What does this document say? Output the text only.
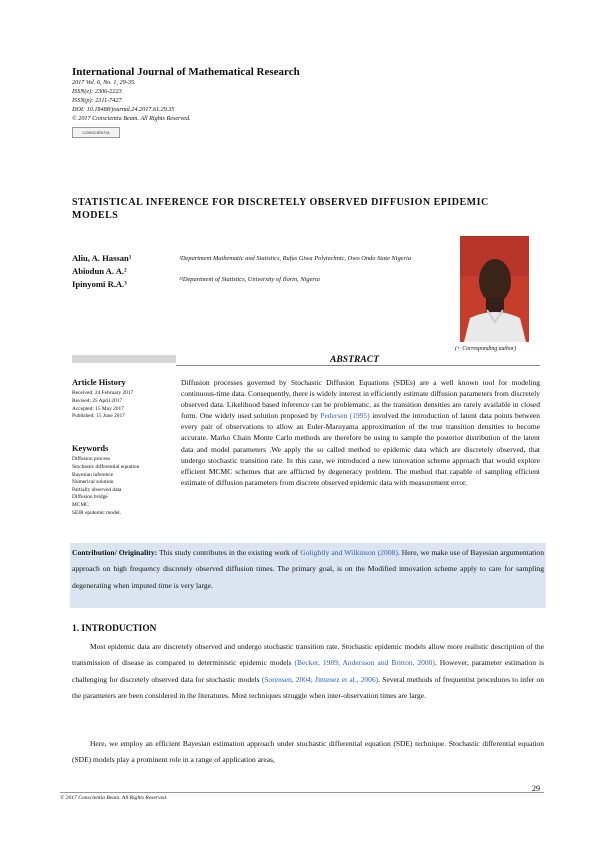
International Journal of Mathematical Research
2017 Vol. 6, No. 1, 29-35.
ISSN(e): 2306-2223
ISSN(p): 2311-7427
DOI: 10.18488/journal.24.2017.61.29.35
© 2017 Conscientia Beam. All Rights Reserved.
CONSCIENTIA
STATISTICAL INFERENCE FOR DISCRETELY OBSERVED DIFFUSION EPIDEMIC MODELS
Aliu, A. Hassan¹
Abiodun A. A.²
Ipinyomi R.A.³
¹Department Mathematic and Statistics, Rufus Giwa Polytechnic, Owo Ondo State Nigeria
²³Department of Statistics, University of Ilorin, Nigeria
(+ Corresponding author)
ABSTRACT
Article History
Received: 24 February 2017
Revised: 25 April 2017
Accepted: 15 May 2017
Published: 15 June 2017
Keywords
Diffusion process
Stochastic differential equation
Bayesian inference
Numerical solution
Partially observed data
Diffusion bridge
MCMC
SEIR epidemic model.
Diffusion processes governed by Stochastic Diffusion Equations (SDEs) are a well known tool for modeling continuous-time data. Consequently, there is widely interest in efficiently estimate diffusion parameters from discretely observed data. Likelihood based inference can be problematic, as the transition densities are rarely available in closed form. One widely used solution proposed by Pedersen (1995) involved the introduction of latent data points between every pair of observations to allow an Euler-Maruyama approximation of the true transition densities to become accurate. Marko Chain Monte Carlo methods are therefore be using to sample the posterior distribution of the latent data and model parameters .We apply the so called method to epidemic data which are discretely observed, that undergo stochastic transition rate. In this case, we introduced a new innovation scheme approach that would explore efficient MCMC schemes that are afflicted by degeneracy problem. The method that capable of sampling efficient estimate of diffusion parameters from discrete observed epidemic data with measurement error.
Contribution/ Originality: This study contributes in the existing work of Golightly and Wilkinson (2008). Here, we make use of Bayesian argumentation approach on high frequency discretely observed diffusion times. The primary goal, is on the Modified innovation scheme apply to care for sampling degenerating when imputed time is very large.
1. INTRODUCTION
Most epidemic data are discretely observed and undergo stochastic transition rate. Stochastic epidemic models allow more realistic description of the transmission of disease as compared to deterministic epidemic models (Becker, 1989; Andersson and Britton, 2000). However, parameter estimation is challenging for discretely observed data for stochastic models (Sorensen, 2004; Jimenez et al., 2006). Several methods of frequentist procedures to infer on the parameters are been considered in the literatures. Most techniques struggle when inter-observation times are large.
Here, we employ an efficient Bayesian estimation approach under stochastic differential equation (SDE) technique. Stochastic differential equation (SDE) models play a prominent role in a range of application areas,
29
© 2017 Conscientia Beam. All Rights Reserved.
